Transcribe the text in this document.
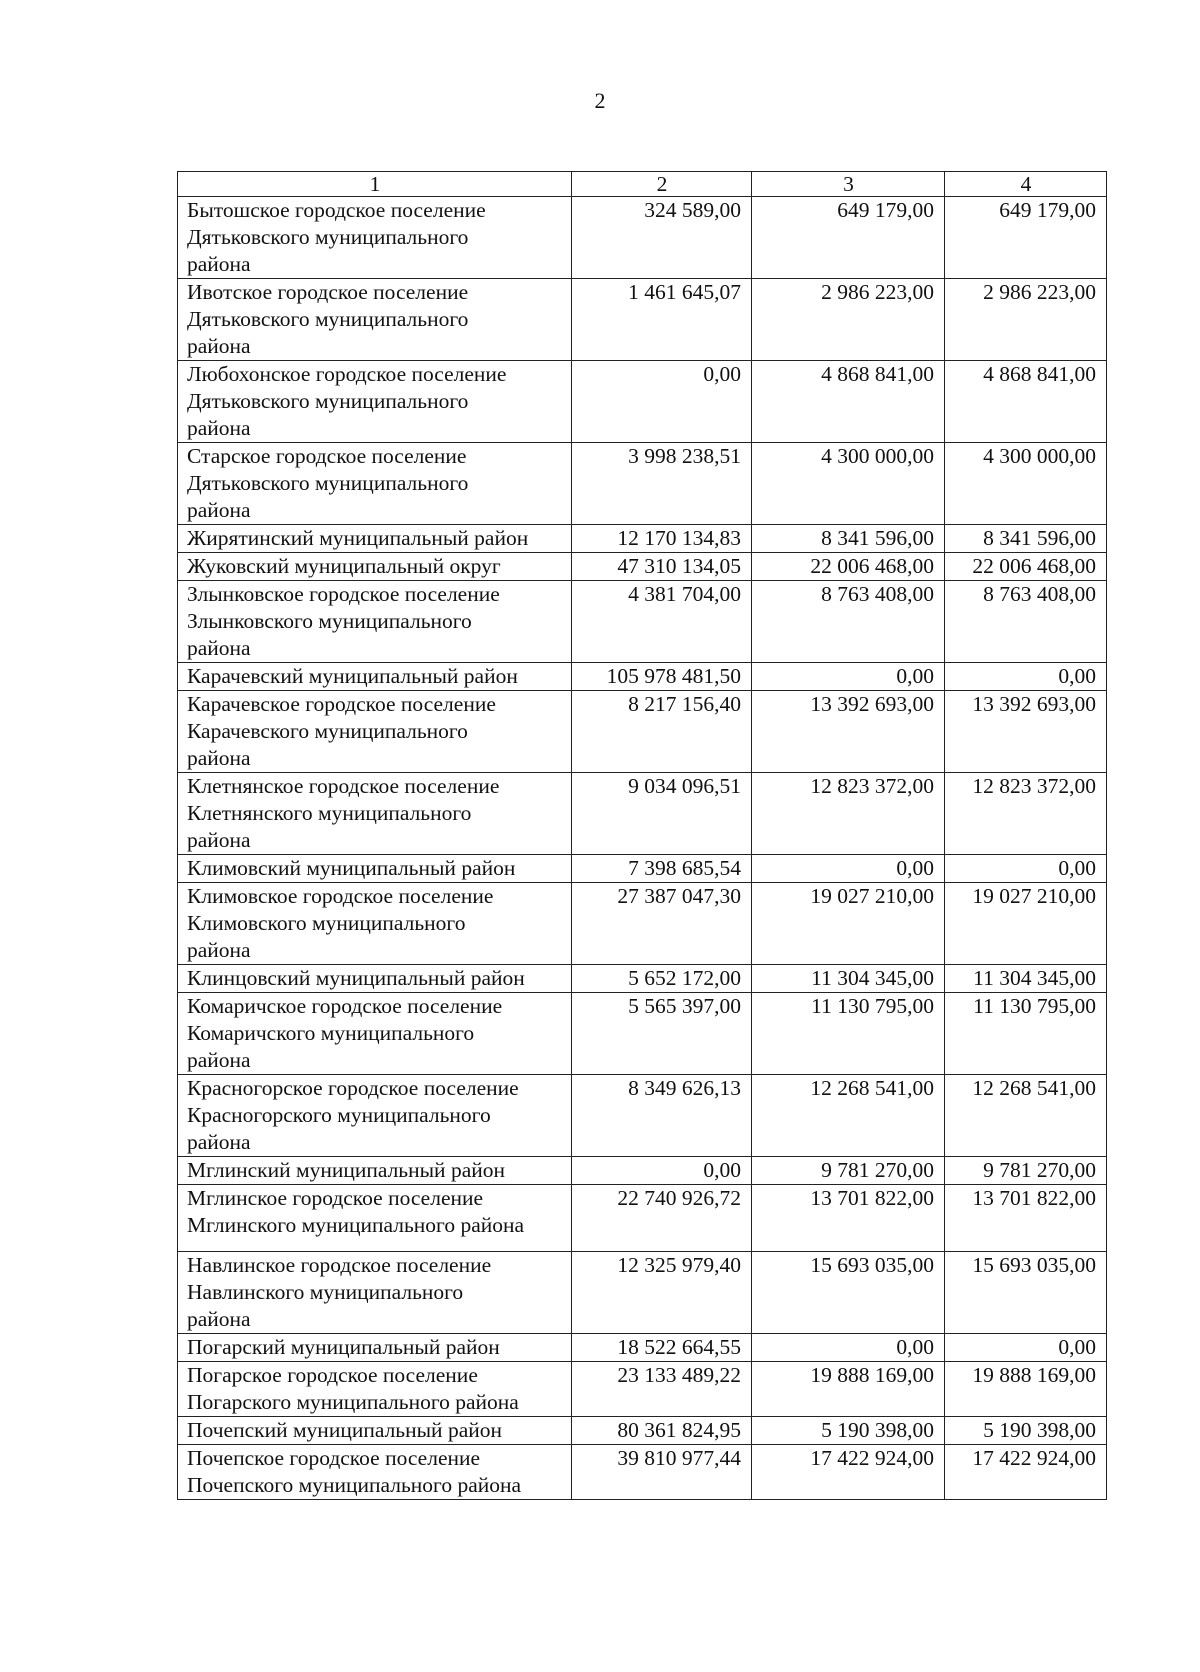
2
1	2	3	4
Бытошское городское поселение
Дятьковского муниципального
района	324 589,00	649 179,00	649 179,00
Ивотское городское поселение
Дятьковского муниципального
района	1 461 645,07	2 986 223,00	2 986 223,00
Любохонское городское поселение
Дятьковского муниципального
района	0,00	4 868 841,00	4 868 841,00
Старское городское поселение
Дятьковского муниципального
района	3 998 238,51	4 300 000,00	4 300 000,00
Жирятинский муниципальный район	12 170 134,83	8 341 596,00	8 341 596,00
Жуковский муниципальный округ	47 310 134,05	22 006 468,00	22 006 468,00
Злынковское городское поселение
Злынковского муниципального
района	4 381 704,00	8 763 408,00	8 763 408,00
Карачевский муниципальный район	105 978 481,50	0,00	0,00
Карачевское городское поселение
Карачевского муниципального
района	8 217 156,40	13 392 693,00	13 392 693,00
Клетнянское городское поселение
Клетнянского муниципального
района	9 034 096,51	12 823 372,00	12 823 372,00
Климовский муниципальный район	7 398 685,54	0,00	0,00
Климовское городское поселение
Климовского муниципального
района	27 387 047,30	19 027 210,00	19 027 210,00
Клинцовский муниципальный район	5 652 172,00	11 304 345,00	11 304 345,00
Комаричское городское поселение
Комаричского муниципального
района	5 565 397,00	11 130 795,00	11 130 795,00
Красногорское городское поселение
Красногорского муниципального
района	8 349 626,13	12 268 541,00	12 268 541,00
Мглинский муниципальный район	0,00	9 781 270,00	9 781 270,00
Мглинское городское поселение
Мглинского муниципального района	22 740 926,72	13 701 822,00	13 701 822,00
Навлинское городское поселение
Навлинского муниципального
района	12 325 979,40	15 693 035,00	15 693 035,00
Погарский муниципальный район	18 522 664,55	0,00	0,00
Погарское городское поселение
Погарского муниципального района	23 133 489,22	19 888 169,00	19 888 169,00
Почепский муниципальный район	80 361 824,95	5 190 398,00	5 190 398,00
Почепское городское поселение
Почепского муниципального района	39 810 977,44	17 422 924,00	17 422 924,00
